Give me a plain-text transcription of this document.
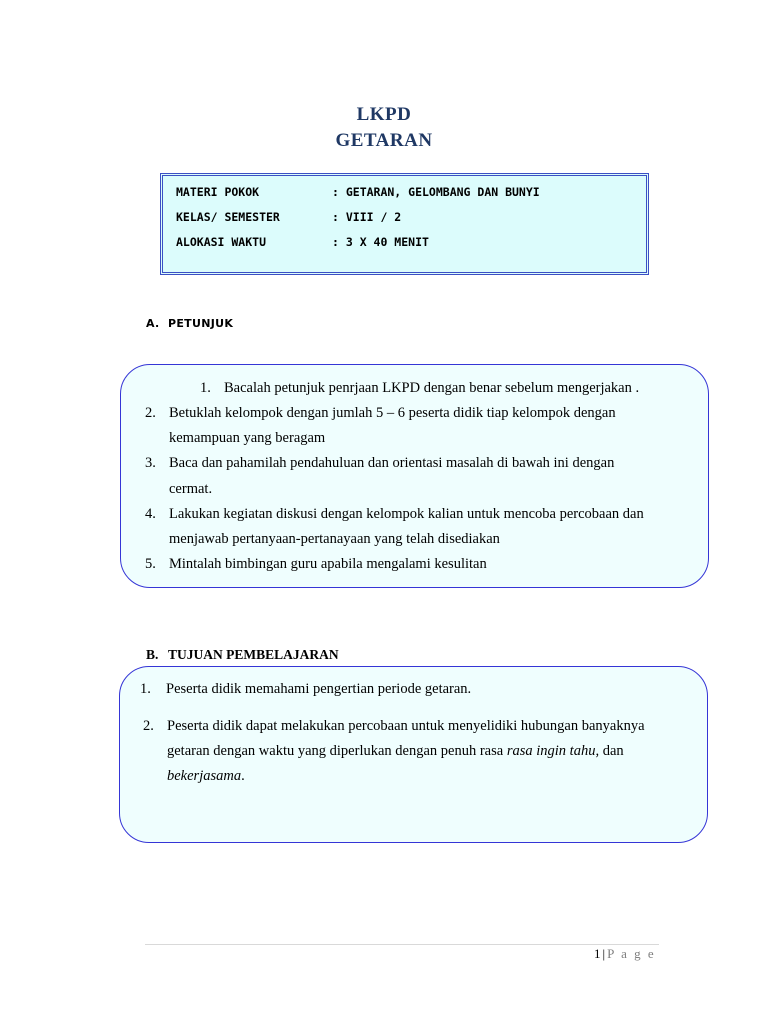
LKPD
GETARAN
MATERI POKOK	: GETARAN, GELOMBANG DAN BUNYI
KELAS/ SEMESTER	: VIII / 2
ALOKASI WAKTU	: 3 X 40 MENIT
A. PETUNJUK
1. Bacalah petunjuk penrjaan LKPD dengan benar sebelum mengerjakan .
2. Betuklah kelompok dengan jumlah 5 – 6 peserta didik tiap kelompok dengan
kemampuan yang beragam
3. Baca dan pahamilah pendahuluan dan orientasi masalah di bawah ini dengan
cermat.
4. Lakukan kegiatan diskusi dengan kelompok kalian untuk mencoba percobaan dan
menjawab pertanyaan-pertanayaan yang telah disediakan
5. Mintalah bimbingan guru apabila mengalami kesulitan
B. TUJUAN PEMBELAJARAN
1. Peserta didik memahami pengertian periode getaran.
2. Peserta didik dapat melakukan percobaan untuk menyelidiki hubungan banyaknya
getaran dengan waktu yang diperlukan dengan penuh rasa rasa ingin tahu, dan
bekerjasama.
1|P a g e
